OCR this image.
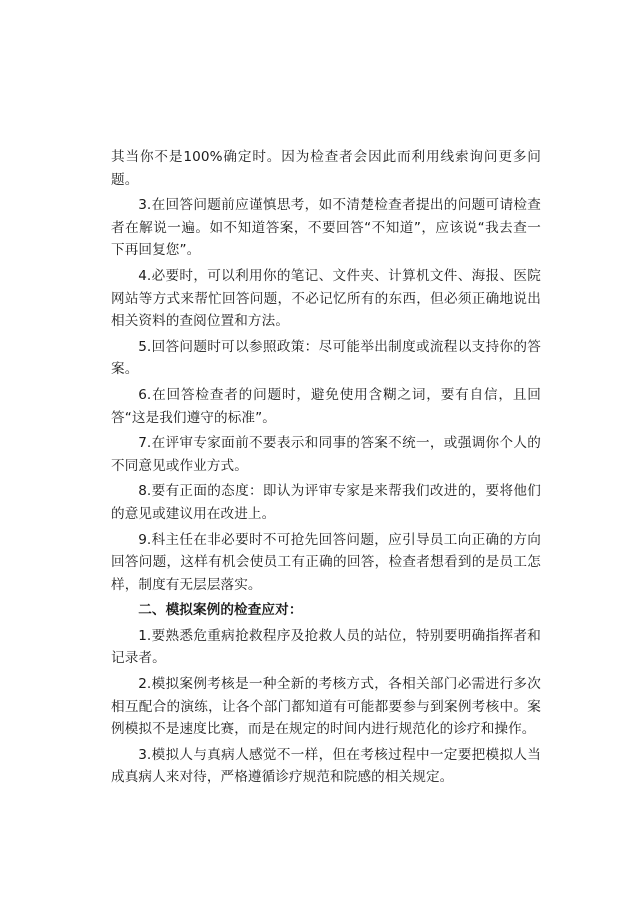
其当你不是100%确定时。因为检查者会因此而利用线索询问更多问题。

3.在回答问题前应谨慎思考，如不清楚检查者提出的问题可请检查者在解说一遍。如不知道答案，不要回答“不知道”，应该说“我去查一下再回复您”。

4.必要时，可以利用你的笔记、文件夹、计算机文件、海报、医院网站等方式来帮忙回答问题，不必记忆所有的东西，但必须正确地说出相关资料的查阅位置和方法。

5.回答问题时可以参照政策：尽可能举出制度或流程以支持你的答案。

6.在回答检查者的问题时，避免使用含糊之词，要有自信，且回答“这是我们遵守的标准”。

7.在评审专家面前不要表示和同事的答案不统一，或强调你个人的不同意见或作业方式。

8.要有正面的态度：即认为评审专家是来帮我们改进的，要将他们的意见或建议用在改进上。

9.科主任在非必要时不可抢先回答问题，应引导员工向正确的方向回答问题，这样有机会使员工有正确的回答，检查者想看到的是员工怎样，制度有无层层落实。

二、模拟案例的检查应对：

1.要熟悉危重病抢救程序及抢救人员的站位，特别要明确指挥者和记录者。

2.模拟案例考核是一种全新的考核方式，各相关部门必需进行多次相互配合的演练，让各个部门都知道有可能都要参与到案例考核中。案例模拟不是速度比赛，而是在规定的时间内进行规范化的诊疗和操作。

3.模拟人与真病人感觉不一样，但在考核过程中一定要把模拟人当成真病人来对待，严格遵循诊疗规范和院感的相关规定。
